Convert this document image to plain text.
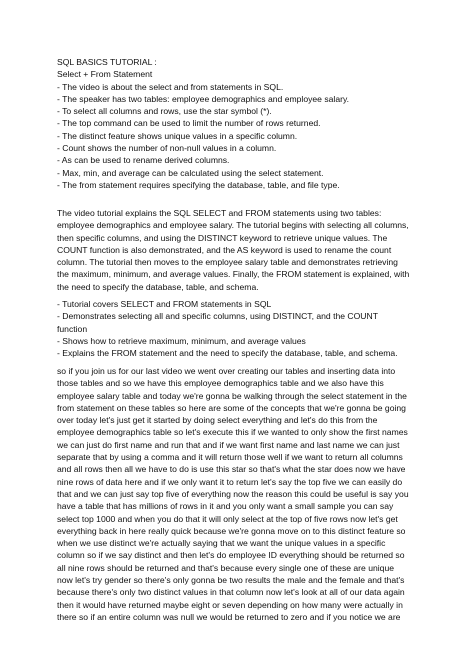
SQL BASICS TUTORIAL :
Select + From Statement
- The video is about the select and from statements in SQL.
- The speaker has two tables: employee demographics and employee salary.
- To select all columns and rows, use the star symbol (*).
- The top command can be used to limit the number of rows returned.
- The distinct feature shows unique values in a specific column.
- Count shows the number of non-null values in a column.
- As can be used to rename derived columns.
- Max, min, and average can be calculated using the select statement.
- The from statement requires specifying the database, table, and file type.
The video tutorial explains the SQL SELECT and FROM statements using two tables:
employee demographics and employee salary. The tutorial begins with selecting all columns,
then specific columns, and using the DISTINCT keyword to retrieve unique values. The
COUNT function is also demonstrated, and the AS keyword is used to rename the count
column. The tutorial then moves to the employee salary table and demonstrates retrieving
the maximum, minimum, and average values. Finally, the FROM statement is explained, with
the need to specify the database, table, and schema.
- Tutorial covers SELECT and FROM statements in SQL
- Demonstrates selecting all and specific columns, using DISTINCT, and the COUNT
function
- Shows how to retrieve maximum, minimum, and average values
- Explains the FROM statement and the need to specify the database, table, and schema.
so if you join us for our last video we went over creating our tables and inserting data into
those tables and so we have this employee demographics table and we also have this
employee salary table and today we're gonna be walking through the select statement in the
from statement on these tables so here are some of the concepts that we're gonna be going
over today let's just get it started by doing select everything and let's do this from the
employee demographics table so let's execute this if we wanted to only show the first names
we can just do first name and run that and if we want first name and last name we can just
separate that by using a comma and it will return those well if we want to return all columns
and all rows then all we have to do is use this star so that's what the star does now we have
nine rows of data here and if we only want it to return let's say the top five we can easily do
that and we can just say top five of everything now the reason this could be useful is say you
have a table that has millions of rows in it and you only want a small sample you can say
select top 1000 and when you do that it will only select at the top of five rows now let's get
everything back in here really quick because we're gonna move on to this distinct feature so
when we use distinct we're actually saying that we want the unique values in a specific
column so if we say distinct and then let's do employee ID everything should be returned so
all nine rows should be returned and that's because every single one of these are unique
now let's try gender so there's only gonna be two results the male and the female and that's
because there's only two distinct values in that column now let's look at all of our data again
then it would have returned maybe eight or seven depending on how many were actually in
there so if an entire column was null we would be returned to zero and if you notice we are
